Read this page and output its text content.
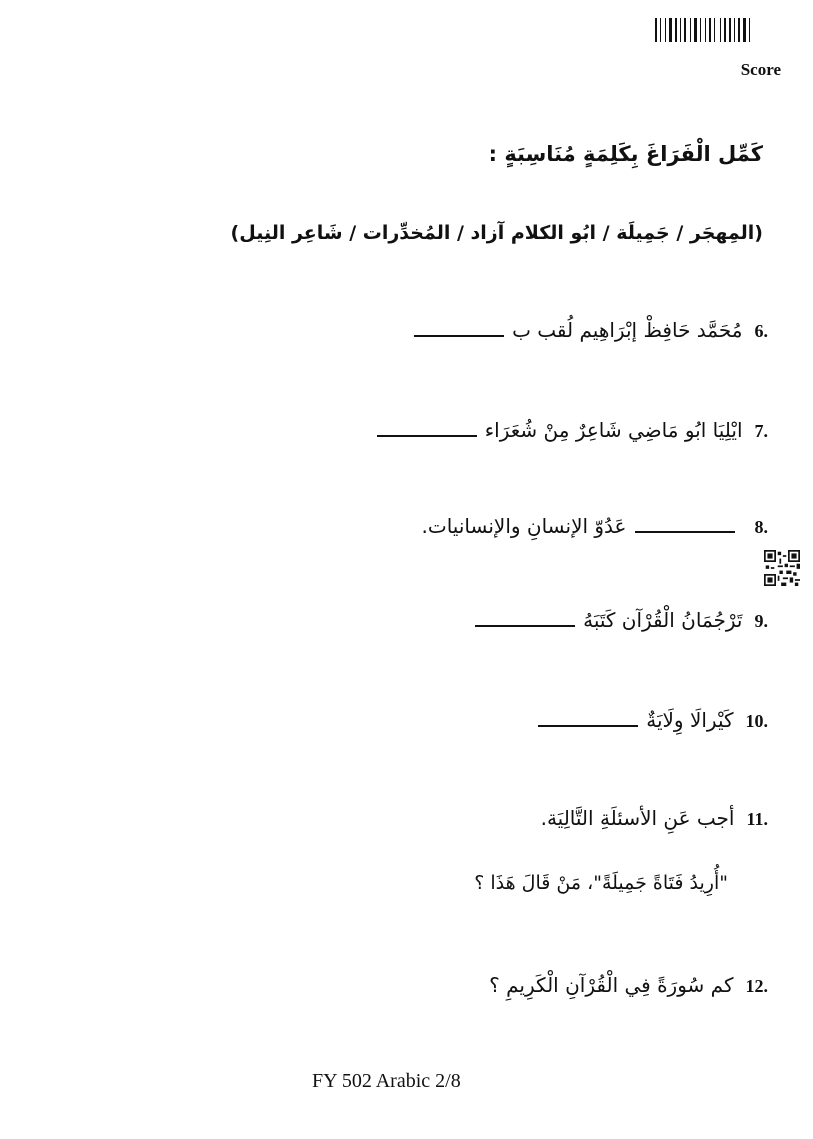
Score
كَمِّل الْفَرَاغَ بِكَلِمَةٍ مُنَاسِبَةٍ :
(المِهجَر / جَمِيلَة / ابُو الكلام آزاد / المُخدِّرات / شَاعِر النِيل)
6.
مُحَمَّد حَافِظْ إبْرَاهِيم لُقب ب
7.
ايْلِيَا ابُو مَاضِي شَاعِرٌ مِنْ شُعَرَاء
8.
عَدُوّ الإنسانِ والإنسانيات.
9.
تَرْجُمَانُ الْقُرْآن كَتَبَهُ
10.
كَيْرالَا وِلَايَةٌ
11.
أجب عَنِ الأسئلَةِ التَّالِيَة.
"أُرِيدُ فَتَاةً جَمِيلَةً"، مَنْ قَالَ هَذَا ؟
12.
كم سُورَةً فِي الْقُرْآنِ الْكَرِيمِ ؟
FY 502 Arabic 2/8
